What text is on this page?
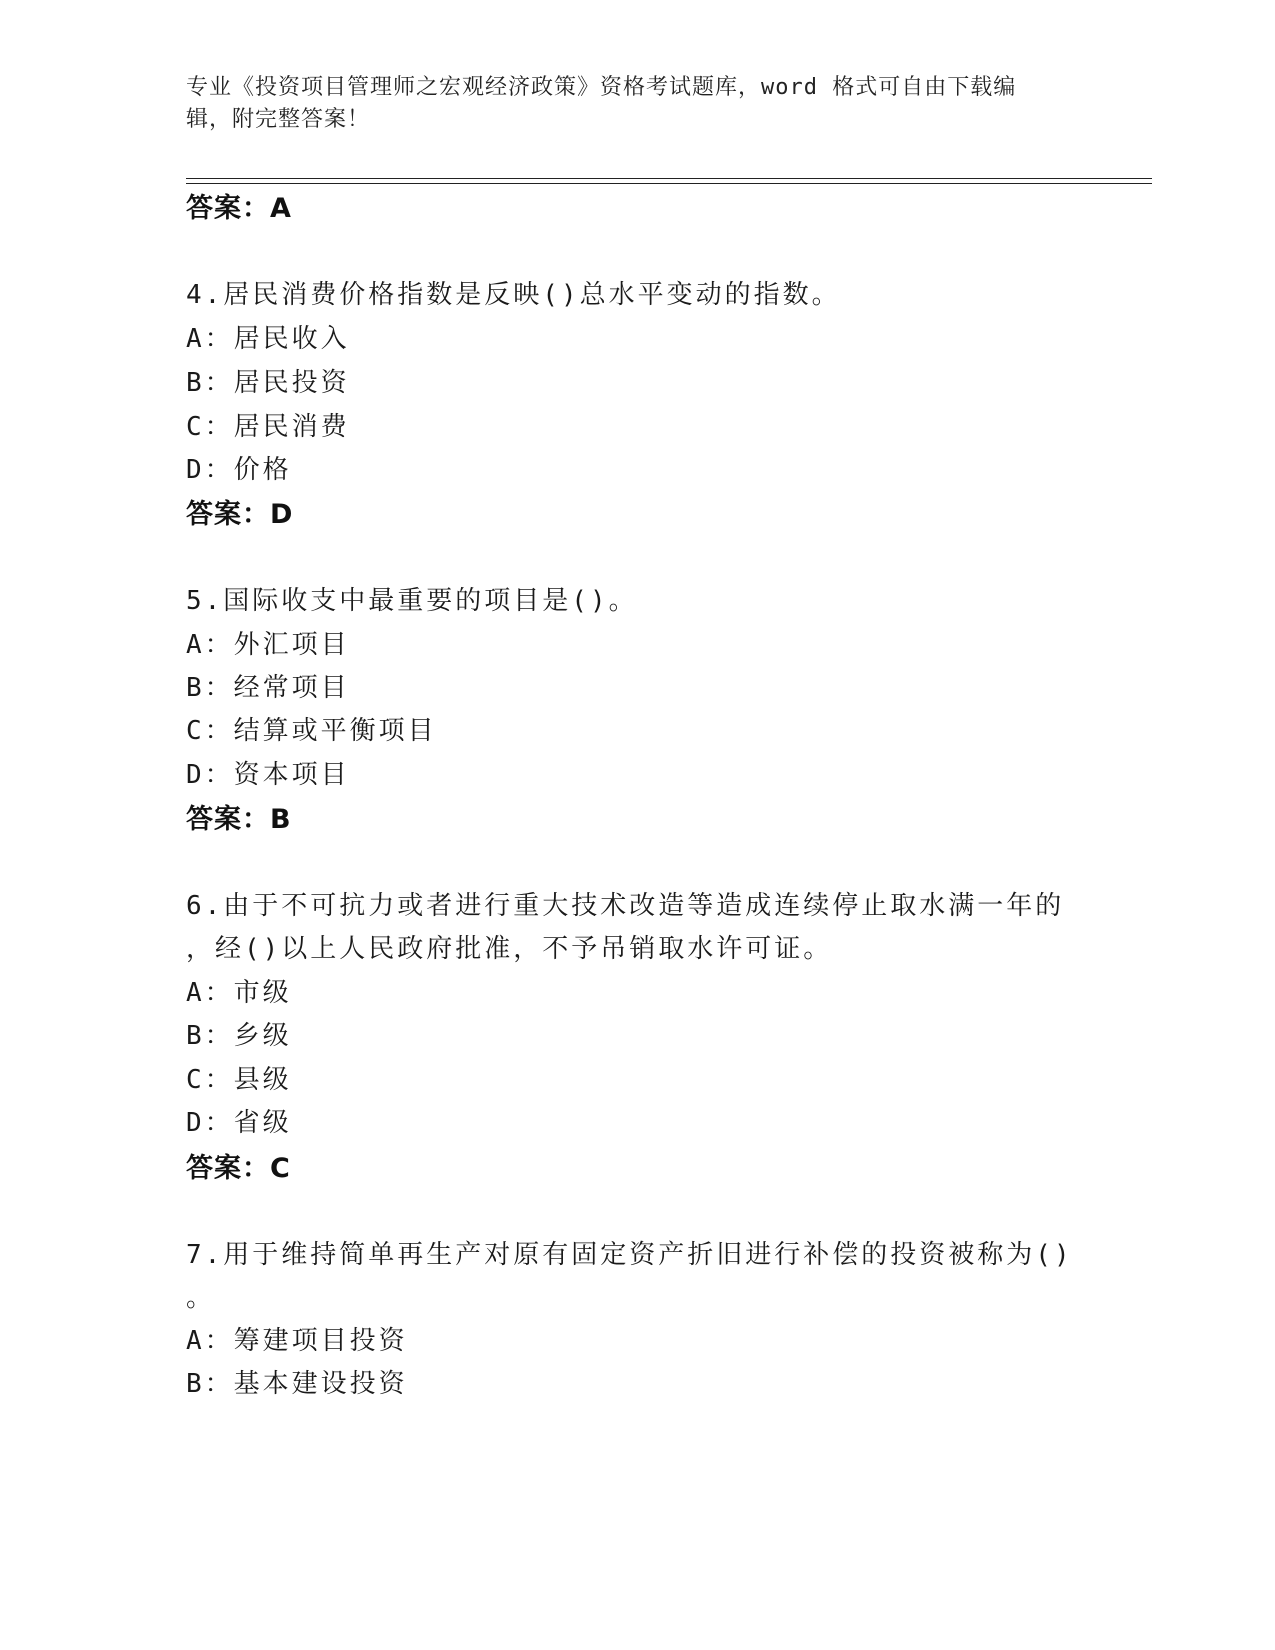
专业《投资项目管理师之宏观经济政策》资格考试题库，word 格式可自由下载编
辑，附完整答案！
答案：A
4.居民消费价格指数是反映()总水平变动的指数。
A：居民收入
B：居民投资
C：居民消费
D：价格
答案：D
5.国际收支中最重要的项目是()。
A：外汇项目
B：经常项目
C：结算或平衡项目
D：资本项目
答案：B
6.由于不可抗力或者进行重大技术改造等造成连续停止取水满一年的
，经()以上人民政府批准，不予吊销取水许可证。
A：市级
B：乡级
C：县级
D：省级
答案：C
7.用于维持简单再生产对原有固定资产折旧进行补偿的投资被称为()
。
A：筹建项目投资
B：基本建设投资
